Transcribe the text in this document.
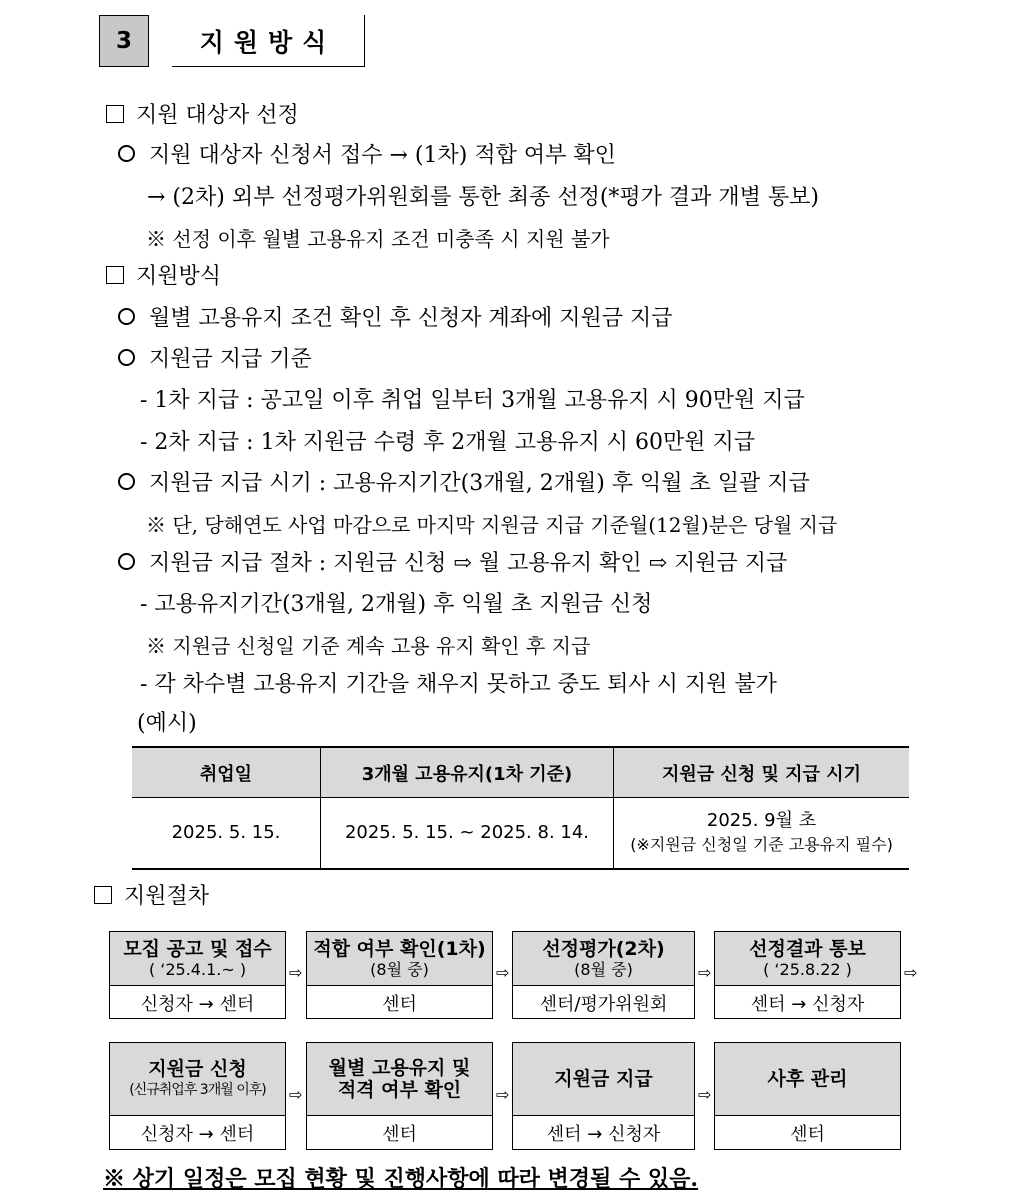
3	지원방식
지원 대상자 선정
지원 대상자 신청서 접수 → (1차) 적합 여부 확인
→ (2차) 외부 선정평가위원회를 통한 최종 선정(*평가 결과 개별 통보)
※ 선정 이후 월별 고용유지 조건 미충족 시 지원 불가
지원방식
월별 고용유지 조건 확인 후 신청자 계좌에 지원금 지급
지원금 지급 기준
- 1차 지급 : 공고일 이후 취업 일부터 3개월 고용유지 시 90만원 지급
- 2차 지급 : 1차 지원금 수령 후 2개월 고용유지 시 60만원 지급
지원금 지급 시기 : 고용유지기간(3개월, 2개월) 후 익월 초 일괄 지급
※ 단, 당해연도 사업 마감으로 마지막 지원금 지급 기준월(12월)분은 당월 지급
지원금 지급 절차 : 지원금 신청 ⇨ 월 고용유지 확인 ⇨ 지원금 지급
- 고용유지기간(3개월, 2개월) 후 익월 초 지원금 신청
※ 지원금 신청일 기준 계속 고용 유지 확인 후 지급
- 각 차수별 고용유지 기간을 채우지 못하고 중도 퇴사 시 지원 불가
(예시)
취업일	3개월 고용유지(1차 기준)	지원금 신청 및 지급 시기
2025. 5. 15.	2025. 5. 15. ~ 2025. 8. 14.	2025. 9월 초
(※지원금 신청일 기준 고용유지 필수)
지원절차
모집 공고 및 접수
( ‘25.4.1.~ )
신청자 → 센터
⇨
적합 여부 확인(1차)
(8월 중)
센터
⇨
선정평가(2차)
(8월 중)
센터/평가위원회
⇨
선정결과 통보
( ‘25.8.22 )
센터 → 신청자
⇨
지원금 신청
(신규취업후 3개월 이후)
신청자 → 센터
⇨
월별 고용유지 및
적격 여부 확인
센터
⇨
지원금 지급
센터 → 신청자
⇨
사후 관리
센터
※ 상기 일정은 모집 현황 및 진행사항에 따라 변경될 수 있음.
